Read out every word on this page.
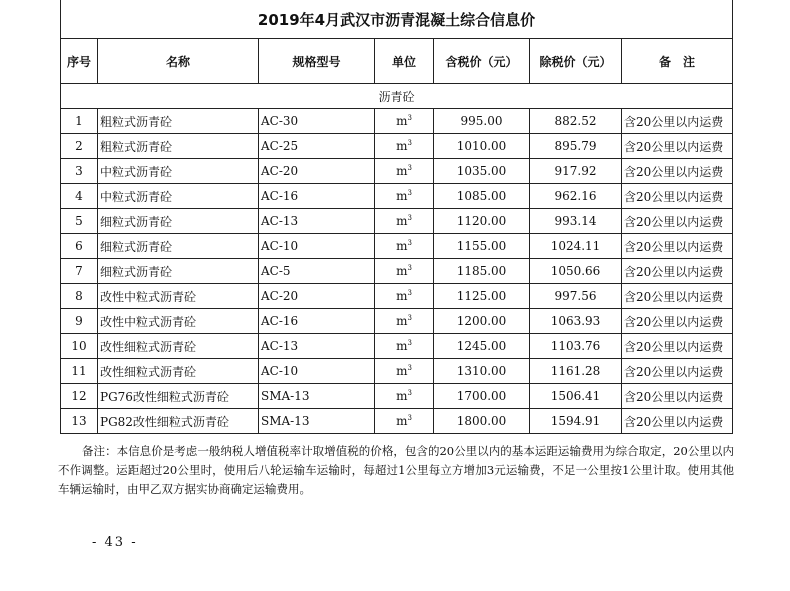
2019年4月武汉市沥青混凝土综合信息价						
序号	名称	规格型号	单位	含税价（元）	除税价（元）	备　注
沥青砼						
1	粗粒式沥青砼	AC-30	$m^3$	995.00	882.52	含20公里以内运费
2	粗粒式沥青砼	AC-25	$m^3$	1010.00	895.79	含20公里以内运费
3	中粒式沥青砼	AC-20	$m^3$	1035.00	917.92	含20公里以内运费
4	中粒式沥青砼	AC-16	$m^3$	1085.00	962.16	含20公里以内运费
5	细粒式沥青砼	AC-13	$m^3$	1120.00	993.14	含20公里以内运费
6	细粒式沥青砼	AC-10	$m^3$	1155.00	1024.11	含20公里以内运费
7	细粒式沥青砼	AC-5	$m^3$	1185.00	1050.66	含20公里以内运费
8	改性中粒式沥青砼	AC-20	$m^3$	1125.00	997.56	含20公里以内运费
9	改性中粒式沥青砼	AC-16	$m^3$	1200.00	1063.93	含20公里以内运费
10	改性细粒式沥青砼	AC-13	$m^3$	1245.00	1103.76	含20公里以内运费
11	改性细粒式沥青砼	AC-10	$m^3$	1310.00	1161.28	含20公里以内运费
12	PG76改性细粒式沥青砼	SMA-13	$m^3$	1700.00	1506.41	含20公里以内运费
13	PG82改性细粒式沥青砼	SMA-13	$m^3$	1800.00	1594.91	含20公里以内运费
备注：本信息价是考虑一般纳税人增值税率计取增值税的价格，包含的20公里以内的基本运距运输费用为综合取定，20公里以内不作调整。运距超过20公里时，使用后八轮运输车运输时，每超过1公里每立方增加3元运输费，不足一公里按1公里计取。使用其他车辆运输时，由甲乙双方据实协商确定运输费用。
- 43 -
